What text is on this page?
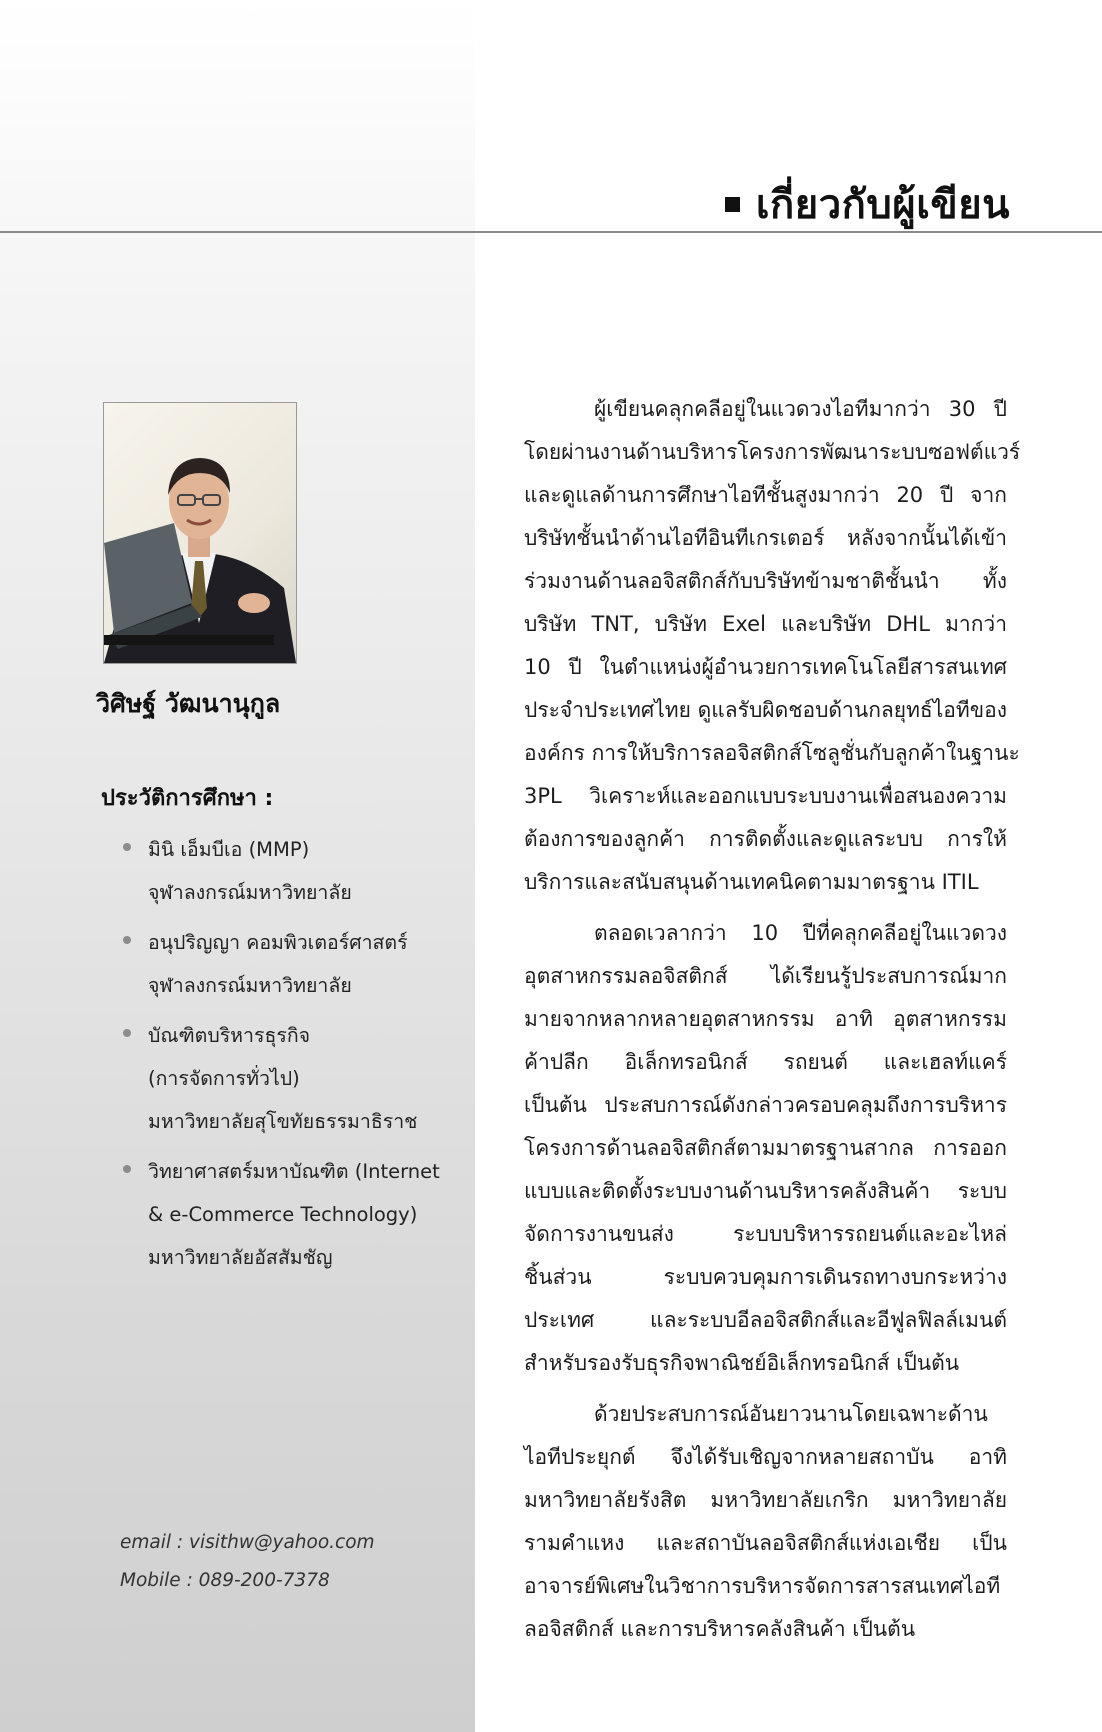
เกี่ยวกับผู้เขียน
วิศิษฐ์ วัฒนานุกูล
ประวัติการศึกษา :
มินิ เอ็มบีเอ (MMP)
จุฬาลงกรณ์มหาวิทยาลัย
อนุปริญญา คอมพิวเตอร์ศาสตร์
จุฬาลงกรณ์มหาวิทยาลัย
บัณฑิตบริหารธุรกิจ
(การจัดการทั่วไป)
มหาวิทยาลัยสุโขทัยธรรมาธิราช
วิทยาศาสตร์มหาบัณฑิต (Internet
& e-Commerce Technology)
มหาวิทยาลัยอัสสัมชัญ
email : visithw@yahoo.com
Mobile : 089-200-7378
ผู้เขียนคลุกคลีอยู่ในแวดวงไอทีมากว่า 30 ปี
โดยผ่านงานด้านบริหารโครงการพัฒนาระบบซอฟต์แวร์
และดูแลด้านการศึกษาไอทีชั้นสูงมากว่า 20 ปี จาก
บริษัทชั้นนำด้านไอทีอินทีเกรเตอร์ หลังจากนั้นได้เข้า
ร่วมงานด้านลอจิสติกส์กับบริษัทข้ามชาติชั้นนำ ทั้ง
บริษัท TNT, บริษัท Exel และบริษัท DHL มากว่า
10 ปี ในตำแหน่งผู้อำนวยการเทคโนโลยีสารสนเทศ
ประจำประเทศไทย ดูแลรับผิดชอบด้านกลยุทธ์ไอทีของ
องค์กร การให้บริการลอจิสติกส์โซลูชั่นกับลูกค้าในฐานะ
3PL วิเคราะห์และออกแบบระบบงานเพื่อสนองความ
ต้องการของลูกค้า การติดตั้งและดูแลระบบ การให้
บริการและสนับสนุนด้านเทคนิคตามมาตรฐาน ITIL
ตลอดเวลากว่า 10 ปีที่คลุกคลีอยู่ในแวดวง
อุตสาหกรรมลอจิสติกส์ ได้เรียนรู้ประสบการณ์มาก
มายจากหลากหลายอุตสาหกรรม อาทิ อุตสาหกรรม
ค้าปลีก อิเล็กทรอนิกส์ รถยนต์ และเฮลท์แคร์
เป็นต้น ประสบการณ์ดังกล่าวครอบคลุมถึงการบริหาร
โครงการด้านลอจิสติกส์ตามมาตรฐานสากล การออก
แบบและติดตั้งระบบงานด้านบริหารคลังสินค้า ระบบ
จัดการงานขนส่ง ระบบบริหารรถยนต์และอะไหล่
ชิ้นส่วน ระบบควบคุมการเดินรถทางบกระหว่าง
ประเทศ และระบบอีลอจิสติกส์และอีฟูลฟิลล์เมนต์
สำหรับรองรับธุรกิจพาณิชย์อิเล็กทรอนิกส์ เป็นต้น
ด้วยประสบการณ์อันยาวนานโดยเฉพาะด้าน
ไอทีประยุกต์ จึงได้รับเชิญจากหลายสถาบัน อาทิ
มหาวิทยาลัยรังสิต มหาวิทยาลัยเกริก มหาวิทยาลัย
รามคำแหง และสถาบันลอจิสติกส์แห่งเอเชีย เป็น
อาจารย์พิเศษในวิชาการบริหารจัดการสารสนเทศไอที
ลอจิสติกส์ และการบริหารคลังสินค้า เป็นต้น
